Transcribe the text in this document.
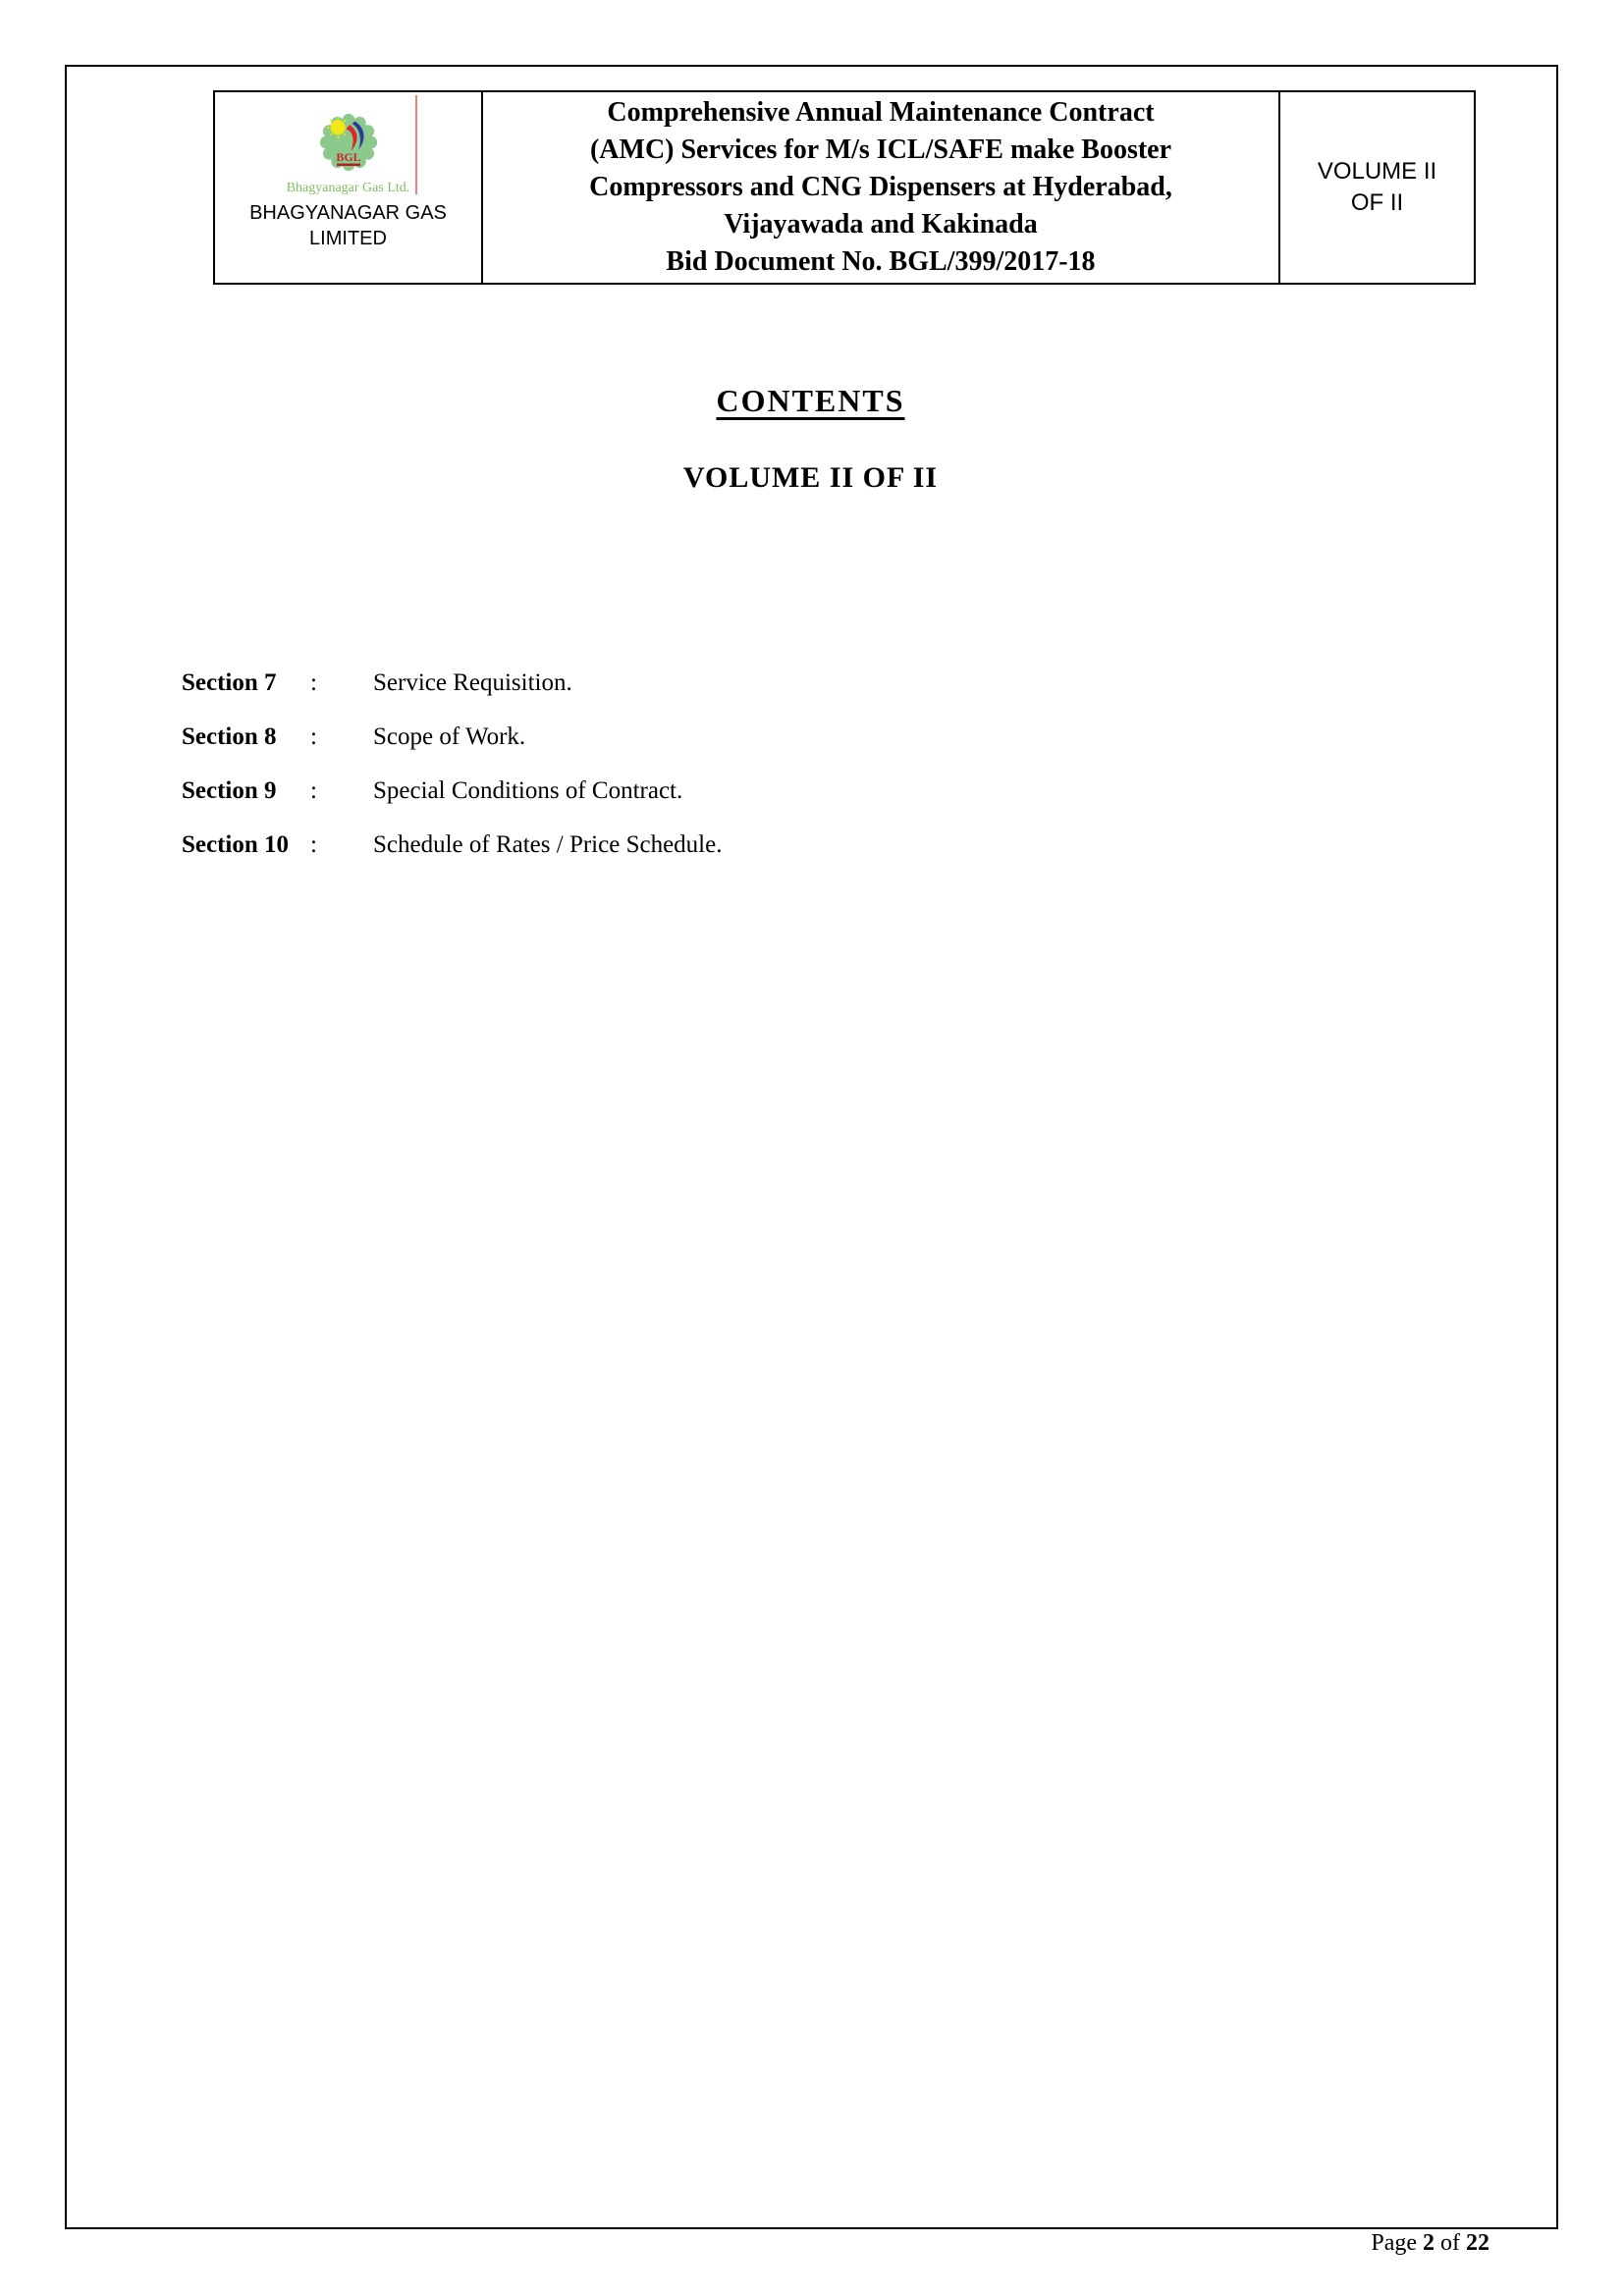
BGL
Bhagyanagar Gas Ltd.
BHAGYANAGAR GAS LIMITED
Comprehensive Annual Maintenance Contract
(AMC) Services for M/s ICL/SAFE make Booster
Compressors and CNG Dispensers at Hyderabad,
Vijayawada and Kakinada
Bid Document No. BGL/399/2017-18
VOLUME II
OF II
CONTENTS
VOLUME II OF II
Section 7	:	Service Requisition.
Section 8	:	Scope of Work.
Section 9	:	Special Conditions of Contract.
Section 10 :	Schedule of Rates / Price Schedule.
Page 2 of 22
